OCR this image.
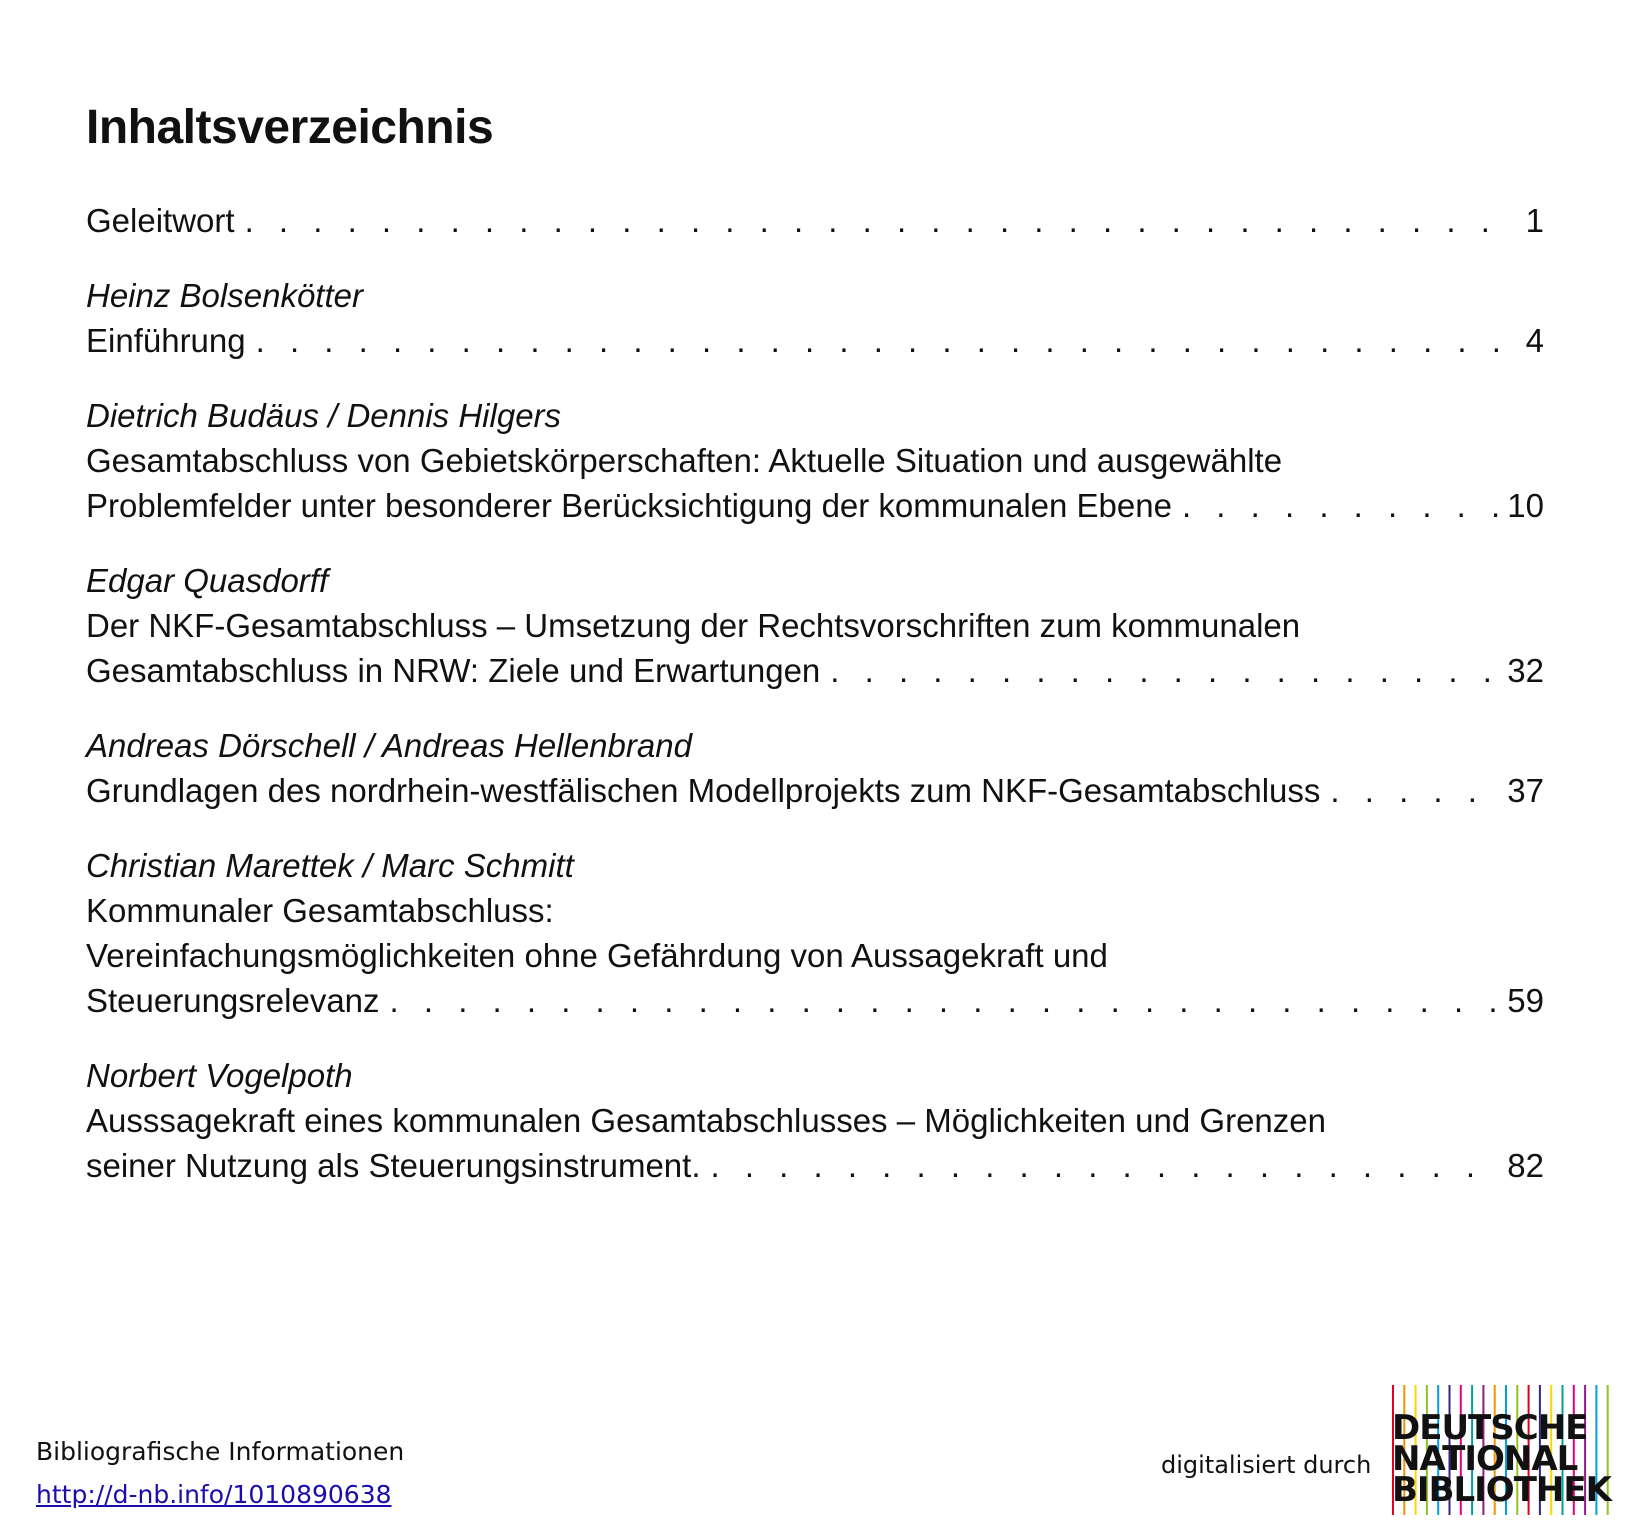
Inhaltsverzeichnis
Geleitwort . . .	1
Heinz Bolsenkötter
Einführung . . .	4
Dietrich Budäus / Dennis Hilgers
Gesamtabschluss von Gebietskörperschaften: Aktuelle Situation und ausgewählte
Problemfelder unter besonderer Berücksichtigung der kommunalen Ebene . . .	10
Edgar Quasdorff
Der NKF-Gesamtabschluss – Umsetzung der Rechtsvorschriften zum kommunalen
Gesamtabschluss in NRW: Ziele und Erwartungen . . .	32
Andreas Dörschell / Andreas Hellenbrand
Grundlagen des nordrhein-westfälischen Modellprojekts zum NKF-Gesamtabschluss . . .	37
Christian Marettek / Marc Schmitt
Kommunaler Gesamtabschluss:
Vereinfachungsmöglichkeiten ohne Gefährdung von Aussagekraft und
Steuerungsrelevanz . . .	59
Norbert Vogelpoth
Ausssagekraft eines kommunalen Gesamtabschlusses – Möglichkeiten und Grenzen
seiner Nutzung als Steuerungsinstrument. . . .	82
Bibliografische Informationen
http://d-nb.info/1010890638
digitalisiert durch
DEUTSCHE
NATIONAL
BIBLIOTHEK
